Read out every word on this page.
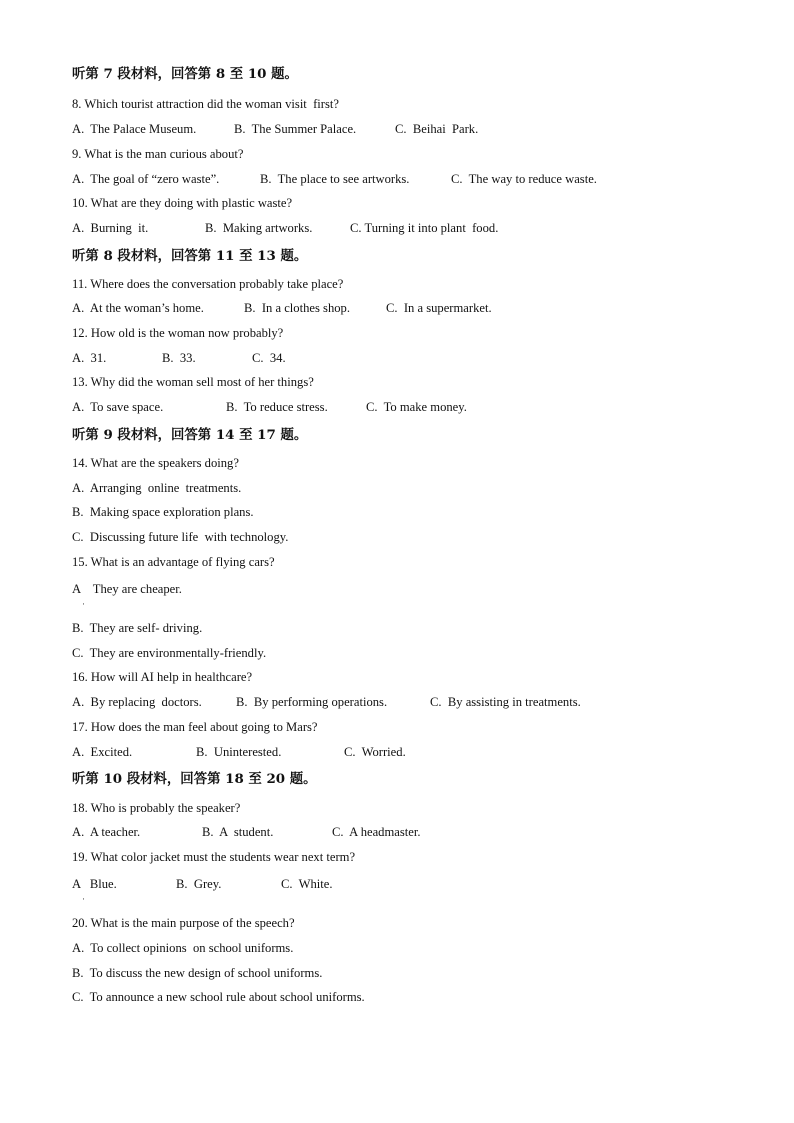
听第 7 段材料，回答第 8 至 10 题。
8. Which tourist attraction did the woman visit  first?

A.  The Palace Museum.

	B.  The Summer Palace.

	C.  Beihai  Park.

9. What is the man curious about?

A.  The goal of “zero waste”.

	B.  The place to see artworks.

	C.  The way to reduce waste.

10. What are they doing with plastic waste?

A.  Burning  it.

	B.  Making artworks.

	C. Turning it into plant  food.

听第 8 段材料，回答第 11 至 13 题。
11. Where does the conversation probably take place?

A.  At the woman’s home.

	B.  In a clothes shop.

	C.  In a supermarket.

12. How old is the woman now probably?

A.  31.

	B.  33.

	C.  34.

13. Why did the woman sell most of her things?

A.  To save space.

	B.  To reduce stress.

	C.  To make money.

听第 9 段材料，回答第 14 至 17 题。
14. What are the speakers doing?
A.  Arranging  online  treatments.
B.  Making space exploration plans.
C.  Discussing future life  with technology.
15. What is an advantage of flying cars?
A    They are cheaper.
·
B.  They are self- driving.
C.  They are environmentally-friendly.
16. How will AI help in healthcare?

A.  By replacing  doctors.

	B.  By performing operations.

	C.  By assisting in treatments.

17. How does the man feel about going to Mars?

A.  Excited.

	B.  Uninterested.

	C.  Worried.

听第 10 段材料，回答第 18 至 20 题。
18. Who is probably the speaker?

A.  A teacher.

	B.  A  student.

	C.  A headmaster.

19. What color jacket must the students wear next term?

A   Blue.

	B.  Grey.

	C.  White.

·
20. What is the main purpose of the speech?
A.  To collect opinions  on school uniforms.
B.  To discuss the new design of school uniforms.
C.  To announce a new school rule about school uniforms.
